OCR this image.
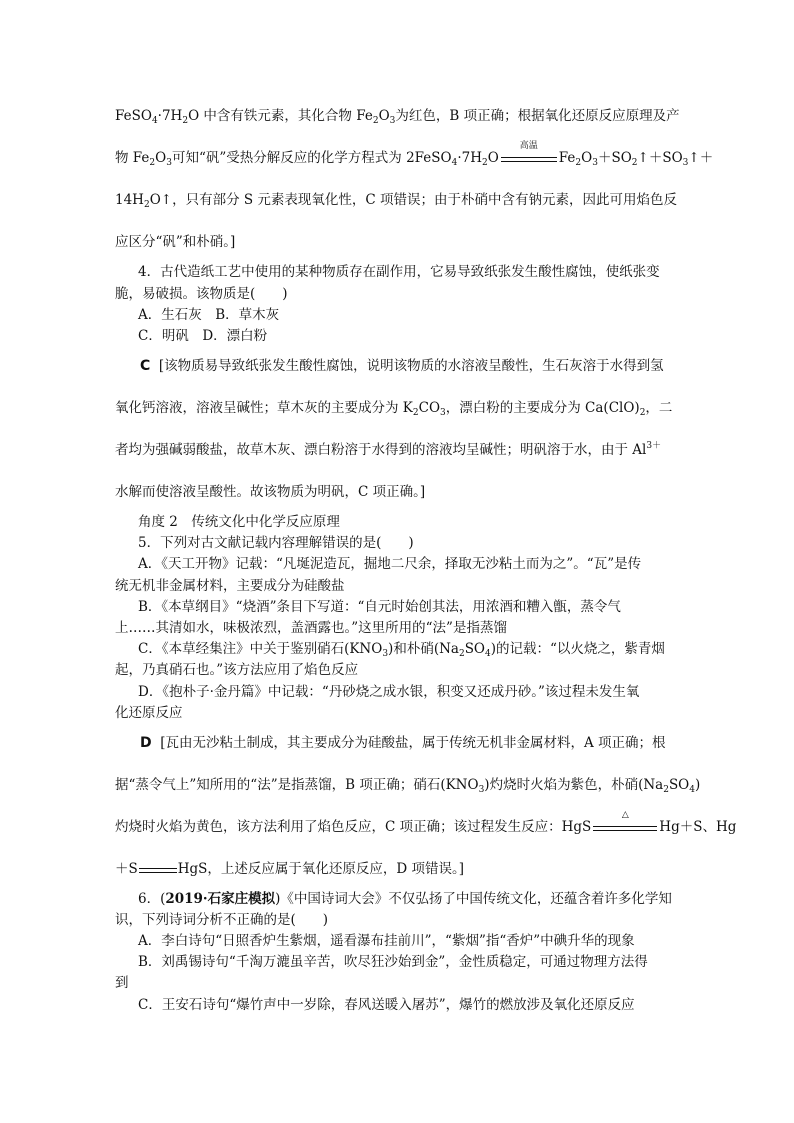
$FeSO_4\cdot 7H_2O$ 中含有铁元素，其化合物 $Fe_2O_3$为红色，B 项正确；根据氧化还原反应原理及产
物 $Fe_2O_3$可知“矾”受热分解反应的化学方程式为 $2FeSO_4\cdot 7H_2O$
高温
$Fe_2O_3+SO_2↑+SO_3↑+$
$14H_2O↑$，只有部分 S 元素表现氧化性，C 项错误；由于朴硝中含有钠元素，因此可用焰色反
应区分“矾”和朴硝。]
4．古代造纸工艺中使用的某种物质存在副作用，它易导致纸张发生酸性腐蚀，使纸张变
脆，易破损。该物质是(　　)
A．生石灰　B．草木灰
C．明矾　D．漂白粉
C [该物质易导致纸张发生酸性腐蚀，说明该物质的水溶液呈酸性，生石灰溶于水得到氢
氧化钙溶液，溶液呈碱性；草木灰的主要成分为 $K_2CO_3$，漂白粉的主要成分为 $Ca(ClO)_2$，二
者均为强碱弱酸盐，故草木灰、漂白粉溶于水得到的溶液均呈碱性；明矾溶于水，由于 $Al^{3+}$
水解而使溶液呈酸性。故该物质为明矾，C 项正确。]
角度 2　传统文化中化学反应原理
5．下列对古文献记载内容理解错误的是(　　)
A．《天工开物》记载：“凡埏泥造瓦，掘地二尺余，择取无沙粘土而为之”。“瓦”是传
统无机非金属材料，主要成分为硅酸盐
B．《本草纲目》“烧酒”条目下写道：“自元时始创其法，用浓酒和糟入甑，蒸令气
上……其清如水，味极浓烈，盖酒露也。”这里所用的“法”是指蒸馏
C．《本草经集注》中关于鉴别硝石$(KNO_3)$和朴硝$(Na_2SO_4)$的记载：“以火烧之，紫青烟
起，乃真硝石也。”该方法应用了焰色反应
D．《抱朴子·金丹篇》中记载：“丹砂烧之成水银，积变又还成丹砂。”该过程未发生氧
化还原反应
D [瓦由无沙粘土制成，其主要成分为硅酸盐，属于传统无机非金属材料，A 项正确；根
据“蒸令气上”知所用的“法”是指蒸馏，B 项正确；硝石$(KNO_3)$灼烧时火焰为紫色，朴硝$(Na_2SO_4)$
灼烧时火焰为黄色，该方法利用了焰色反应，C 项正确；该过程发生反应：HgS
△
Hg＋S、Hg
＋S	HgS，上述反应属于氧化还原反应，D 项错误。]
6．(2019·石家庄模拟)《中国诗词大会》不仅弘扬了中国传统文化，还蕴含着许多化学知
识，下列诗词分析不正确的是(　　)
A．李白诗句“日照香炉生紫烟，遥看瀑布挂前川”，“紫烟”指“香炉”中碘升华的现象
B．刘禹锡诗句“千淘万漉虽辛苦，吹尽狂沙始到金”，金性质稳定，可通过物理方法得
到
C．王安石诗句“爆竹声中一岁除，春风送暖入屠苏”，爆竹的燃放涉及氧化还原反应
